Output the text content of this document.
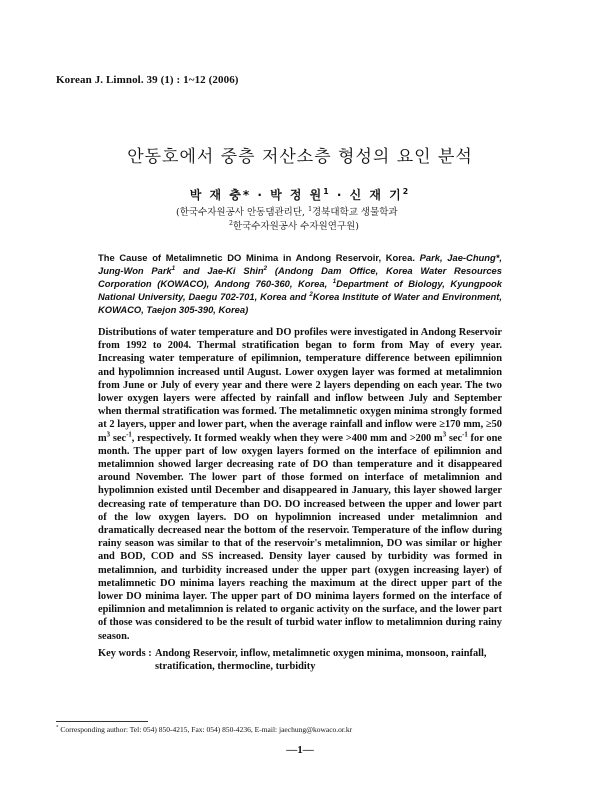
Korean J. Limnol. 39 (1) : 1~12 (2006)
안동호에서 중층 저산소층 형성의 요인 분석
박 재 충* · 박 정 원$^1$ · 신 재 기$^2$
(한국수자원공사 안동댐관리단, $^1$경북대학교 생물학과
$^2$한국수자원공사 수자원연구원)
The Cause of Metalimnetic DO Minima in Andong Reservoir, Korea. Park, Jae-Chung*, Jung-Won Park$^1$ and Jae-Ki Shin$^2$ (Andong Dam Office, Korea Water Resources Corporation (KOWACO), Andong 760-360, Korea, $^1$Department of Biology, Kyungpook National University, Daegu 702-701, Korea and $^2$Korea Institute of Water and Environment, KOWACO, Taejon 305-390, Korea)
Distributions of water temperature and DO profiles were investigated in Andong Reservoir from 1992 to 2004. Thermal stratification began to form from May of every year. Increasing water temperature of epilimnion, temperature difference between epilimnion and hypolimnion increased until August. Lower oxygen layer was formed at metalimnion from June or July of every year and there were 2 layers depending on each year. The two lower oxygen layers were affected by rainfall and inflow between July and September when thermal stratification was formed. The metalimnetic oxygen minima strongly formed at 2 layers, upper and lower part, when the average rainfall and inflow were ≥170 mm, ≥50 $m^3$ $\sec^{-1}$, respectively. It formed weakly when they were >400 mm and >200 $m^3$ $\sec^{-1}$ for one month. The upper part of low oxygen layers formed on the interface of epilimnion and metalimnion showed larger decreasing rate of DO than temperature and it disappeared around November. The lower part of those formed on interface of metalimnion and hypolimnion existed until December and disappeared in January, this layer showed larger decreasing rate of temperature than DO. DO increased between the upper and lower part of the low oxygen layers. DO on hypolimnion increased under metalimnion and dramatically decreased near the bottom of the reservoir. Temperature of the inflow during rainy season was similar to that of the reservoir's metalimnion, DO was similar or higher and BOD, COD and SS increased. Density layer caused by turbidity was formed in metalimnion, and turbidity increased under the upper part (oxygen increasing layer) of metalimnetic DO minima layers reaching the maximum at the direct upper part of the lower DO minima layer. The upper part of DO minima layers formed on the interface of epilimnion and metalimnion is related to organic activity on the surface, and the lower part of those was considered to be the result of turbid water inflow to metalimnion during rainy season.
Key words : Andong Reservoir, inflow, metalimnetic oxygen minima, monsoon, rainfall, stratification, thermocline, turbidity
* Corresponding author: Tel: 054) 850-4215, Fax: 054) 850-4236, E-mail: jaechung@kowaco.or.kr
—1—
